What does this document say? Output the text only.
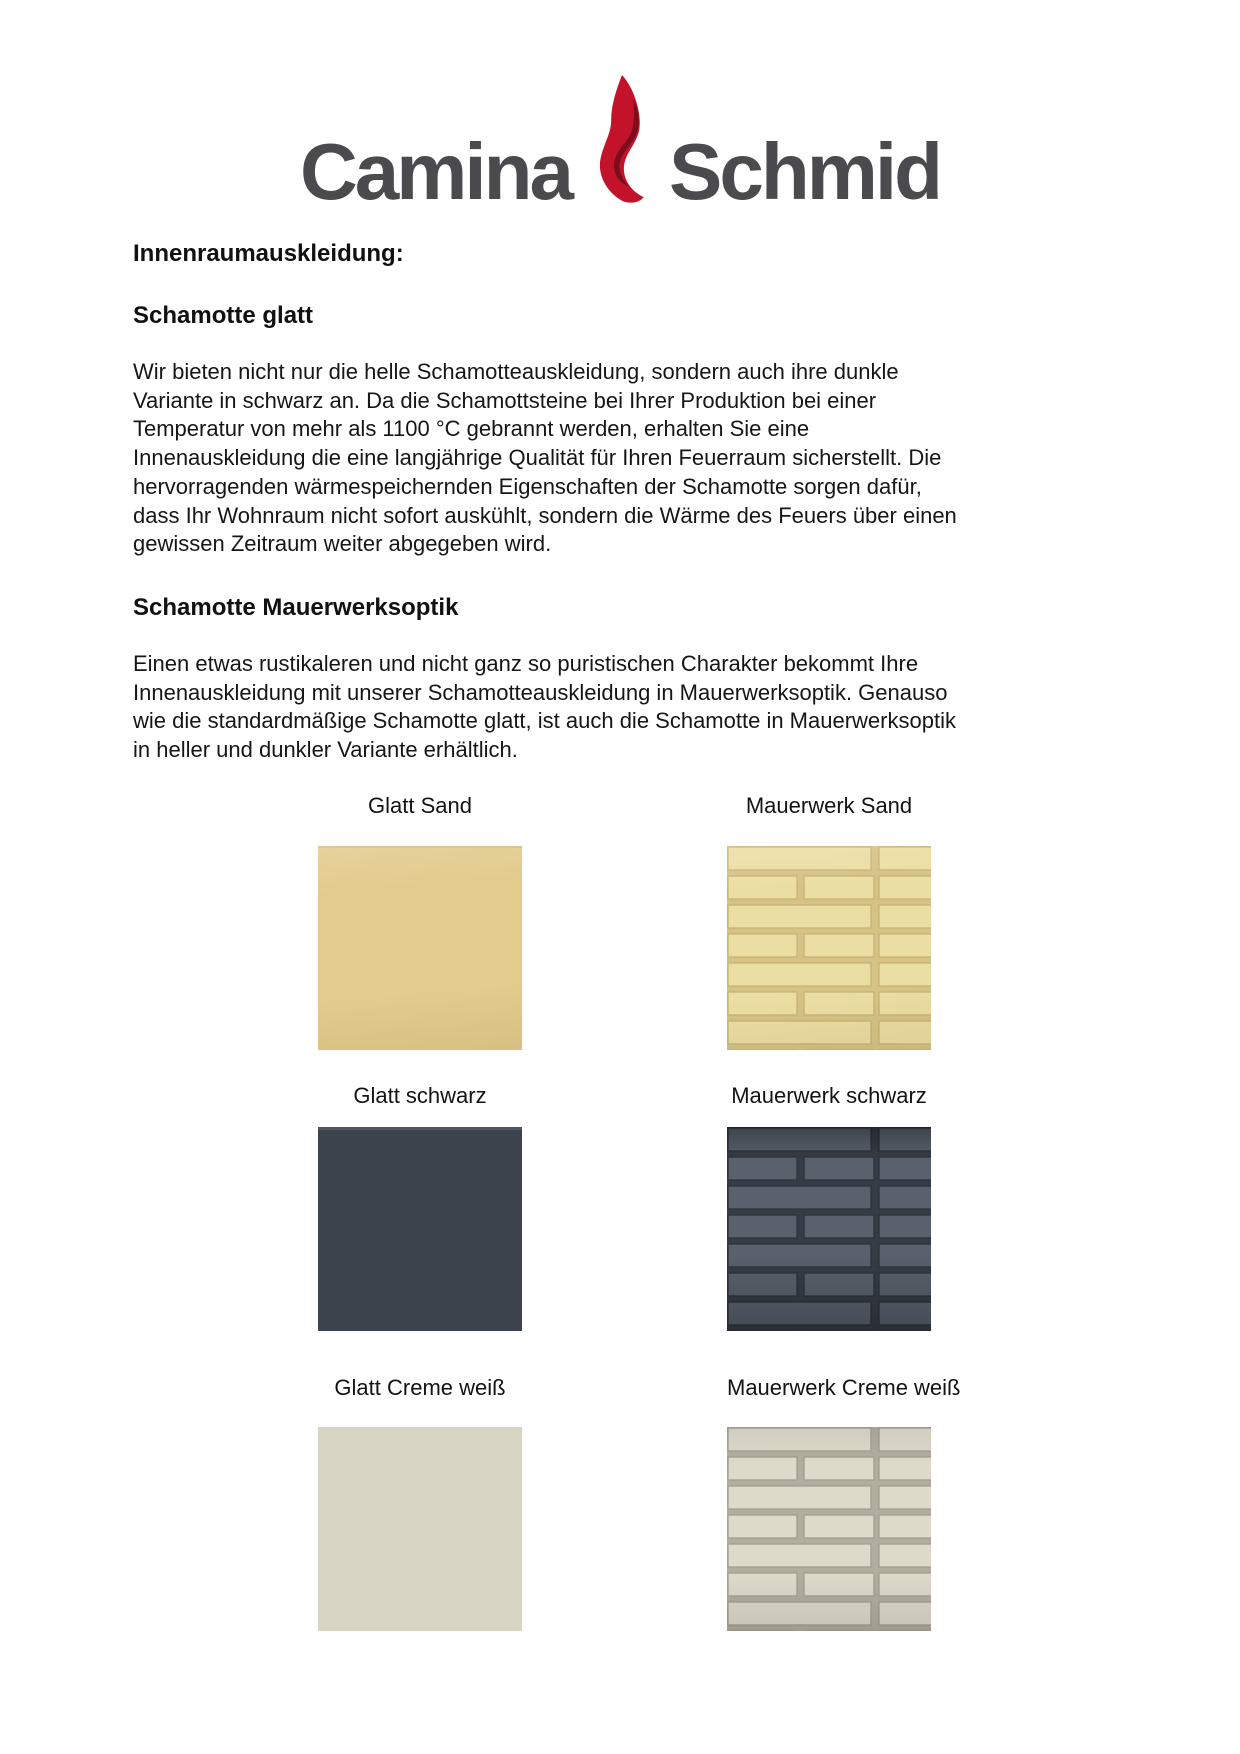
Camina Schmid
Innenraumauskleidung:
Schamotte glatt
Wir bieten nicht nur die helle Schamotteauskleidung, sondern auch ihre dunkle
Variante in schwarz an. Da die Schamottsteine bei Ihrer Produktion bei einer
Temperatur von mehr als 1100 °C gebrannt werden, erhalten Sie eine
Innenauskleidung die eine langjährige Qualität für Ihren Feuerraum sicherstellt. Die
hervorragenden wärmespeichernden Eigenschaften der Schamotte sorgen dafür,
dass Ihr Wohnraum nicht sofort auskühlt, sondern die Wärme des Feuers über einen
gewissen Zeitraum weiter abgegeben wird.
Schamotte Mauerwerksoptik
Einen etwas rustikaleren und nicht ganz so puristischen Charakter bekommt Ihre
Innenauskleidung mit unserer Schamotteauskleidung in Mauerwerksoptik. Genauso
wie die standardmäßige Schamotte glatt, ist auch die Schamotte in Mauerwerksoptik
in heller und dunkler Variante erhältlich.
Glatt Sand	Mauerwerk Sand
Glatt schwarz	Mauerwerk schwarz
Glatt Creme weiß	Mauerwerk Creme weiß
